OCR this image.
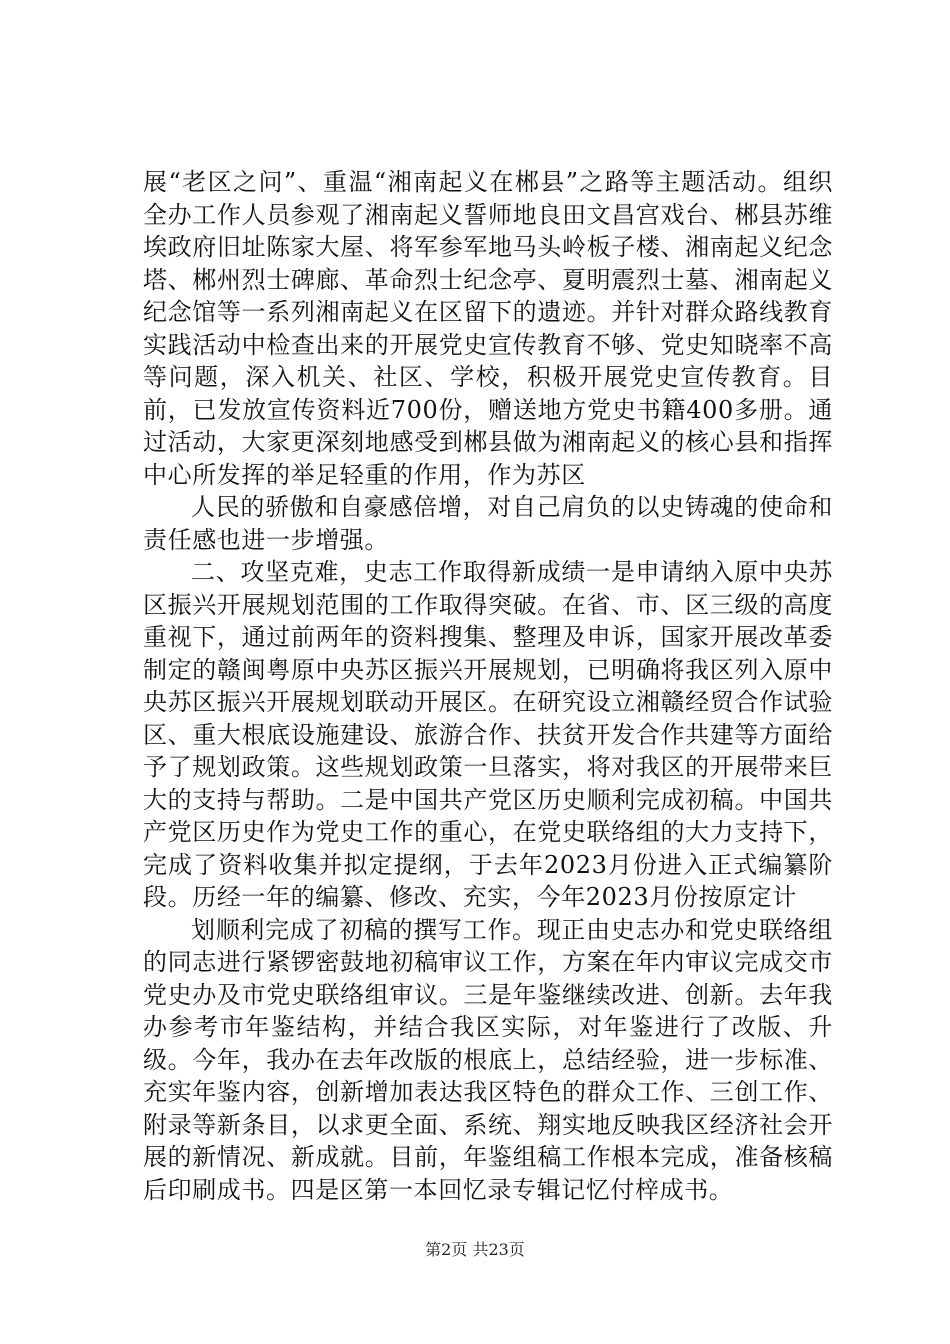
展“老区之问”、重温“湘南起义在郴县”之路等主题活动。组织全办工作人员参观了湘南起义誓师地良田文昌宫戏台、郴县苏维埃政府旧址陈家大屋、将军参军地马头岭板子楼、湘南起义纪念塔、郴州烈士碑廊、革命烈士纪念亭、夏明震烈士墓、湘南起义纪念馆等一系列湘南起义在区留下的遗迹。并针对群众路线教育实践活动中检查出来的开展党史宣传教育不够、党史知晓率不高等问题，深入机关、社区、学校，积极开展党史宣传教育。目前，已发放宣传资料近700份，赠送地方党史书籍400多册。通过活动，大家更深刻地感受到郴县做为湘南起义的核心县和指挥中心所发挥的举足轻重的作用，作为苏区

人民的骄傲和自豪感倍增，对自己肩负的以史铸魂的使命和责任感也进一步增强。

二、攻坚克难，史志工作取得新成绩一是申请纳入原中央苏区振兴开展规划范围的工作取得突破。在省、市、区三级的高度重视下，通过前两年的资料搜集、整理及申诉，国家开展改革委制定的赣闽粤原中央苏区振兴开展规划，已明确将我区列入原中央苏区振兴开展规划联动开展区。在研究设立湘赣经贸合作试验区、重大根底设施建设、旅游合作、扶贫开发合作共建等方面给予了规划政策。这些规划政策一旦落实，将对我区的开展带来巨大的支持与帮助。二是中国共产党区历史顺利完成初稿。中国共产党区历史作为党史工作的重心，在党史联络组的大力支持下，完成了资料收集并拟定提纲，于去年2023月份进入正式编纂阶段。历经一年的编纂、修改、充实，今年2023月份按原定计

划顺利完成了初稿的撰写工作。现正由史志办和党史联络组的同志进行紧锣密鼓地初稿审议工作，方案在年内审议完成交市党史办及市党史联络组审议。三是年鉴继续改进、创新。去年我办参考市年鉴结构，并结合我区实际，对年鉴进行了改版、升级。今年，我办在去年改版的根底上，总结经验，进一步标准、充实年鉴内容，创新增加表达我区特色的群众工作、三创工作、附录等新条目，以求更全面、系统、翔实地反映我区经济社会开展的新情况、新成就。目前，年鉴组稿工作根本完成，准备核稿后印刷成书。四是区第一本回忆录专辑记忆付梓成书。

第2页 共23页
